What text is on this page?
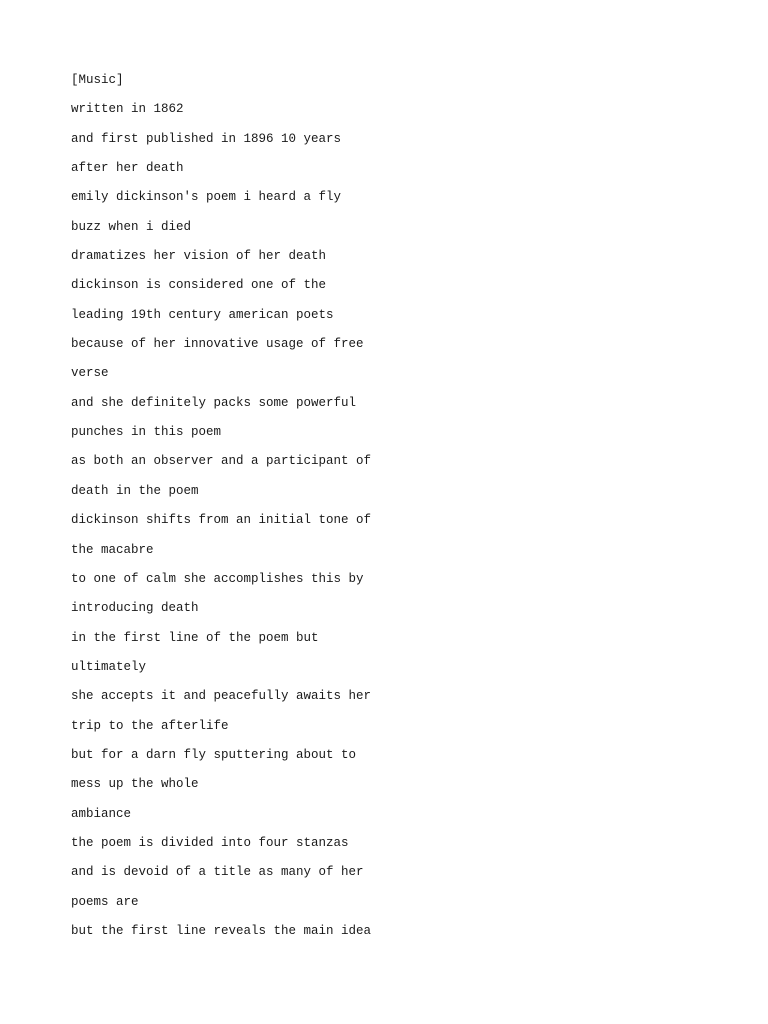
[Music]
written in 1862
and first published in 1896 10 years
after her death
emily dickinson's poem i heard a fly
buzz when i died
dramatizes her vision of her death
dickinson is considered one of the
leading 19th century american poets
because of her innovative usage of free
verse
and she definitely packs some powerful
punches in this poem
as both an observer and a participant of
death in the poem
dickinson shifts from an initial tone of
the macabre
to one of calm she accomplishes this by
introducing death
in the first line of the poem but
ultimately
she accepts it and peacefully awaits her
trip to the afterlife
but for a darn fly sputtering about to
mess up the whole
ambiance
the poem is divided into four stanzas
and is devoid of a title as many of her
poems are
but the first line reveals the main idea
